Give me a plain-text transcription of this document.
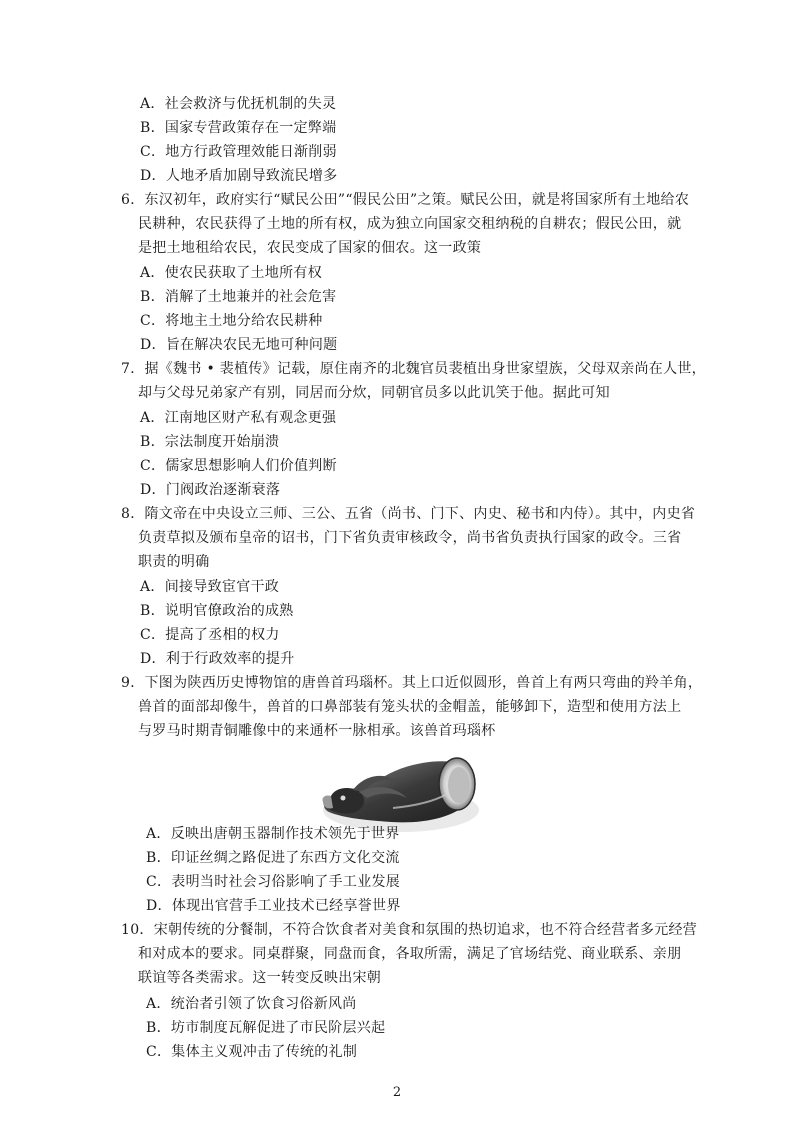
A．社会救济与优抚机制的失灵
B．国家专营政策存在一定弊端
C．地方行政管理效能日渐削弱
D．人地矛盾加剧导致流民增多
6．东汉初年，政府实行“赋民公田”“假民公田”之策。赋民公田，就是将国家所有土地给农
民耕种，农民获得了土地的所有权，成为独立向国家交租纳税的自耕农；假民公田，就
是把土地租给农民，农民变成了国家的佃农。这一政策
A．使农民获取了土地所有权
B．消解了土地兼并的社会危害
C．将地主土地分给农民耕种
D．旨在解决农民无地可种问题
7．据《魏书 • 裴植传》记载，原住南齐的北魏官员裴植出身世家望族，父母双亲尚在人世，
却与父母兄弟家产有别，同居而分炊，同朝官员多以此讥笑于他。据此可知
A．江南地区财产私有观念更强
B．宗法制度开始崩溃
C．儒家思想影响人们价值判断
D．门阀政治逐渐衰落
8．隋文帝在中央设立三师、三公、五省（尚书、门下、内史、秘书和内侍）。其中，内史省
负责草拟及颁布皇帝的诏书，门下省负责审核政令，尚书省负责执行国家的政令。三省
职责的明确
A．间接导致宦官干政
B．说明官僚政治的成熟
C．提高了丞相的权力
D．利于行政效率的提升
9．下图为陕西历史博物馆的唐兽首玛瑙杯。其上口近似圆形，兽首上有两只弯曲的羚羊角，
兽首的面部却像牛，兽首的口鼻部装有笼头状的金帽盖，能够卸下，造型和使用方法上
与罗马时期青铜雕像中的来通杯一脉相承。该兽首玛瑙杯
A．反映出唐朝玉器制作技术领先于世界
B．印证丝绸之路促进了东西方文化交流
C．表明当时社会习俗影响了手工业发展
D．体现出官营手工业技术已经享誉世界
10．宋朝传统的分餐制，不符合饮食者对美食和氛围的热切追求，也不符合经营者多元经营
和对成本的要求。同桌群聚，同盘而食，各取所需，满足了官场结党、商业联系、亲朋
联谊等各类需求。这一转变反映出宋朝
A．统治者引领了饮食习俗新风尚
B．坊市制度瓦解促进了市民阶层兴起
C．集体主义观冲击了传统的礼制
2
